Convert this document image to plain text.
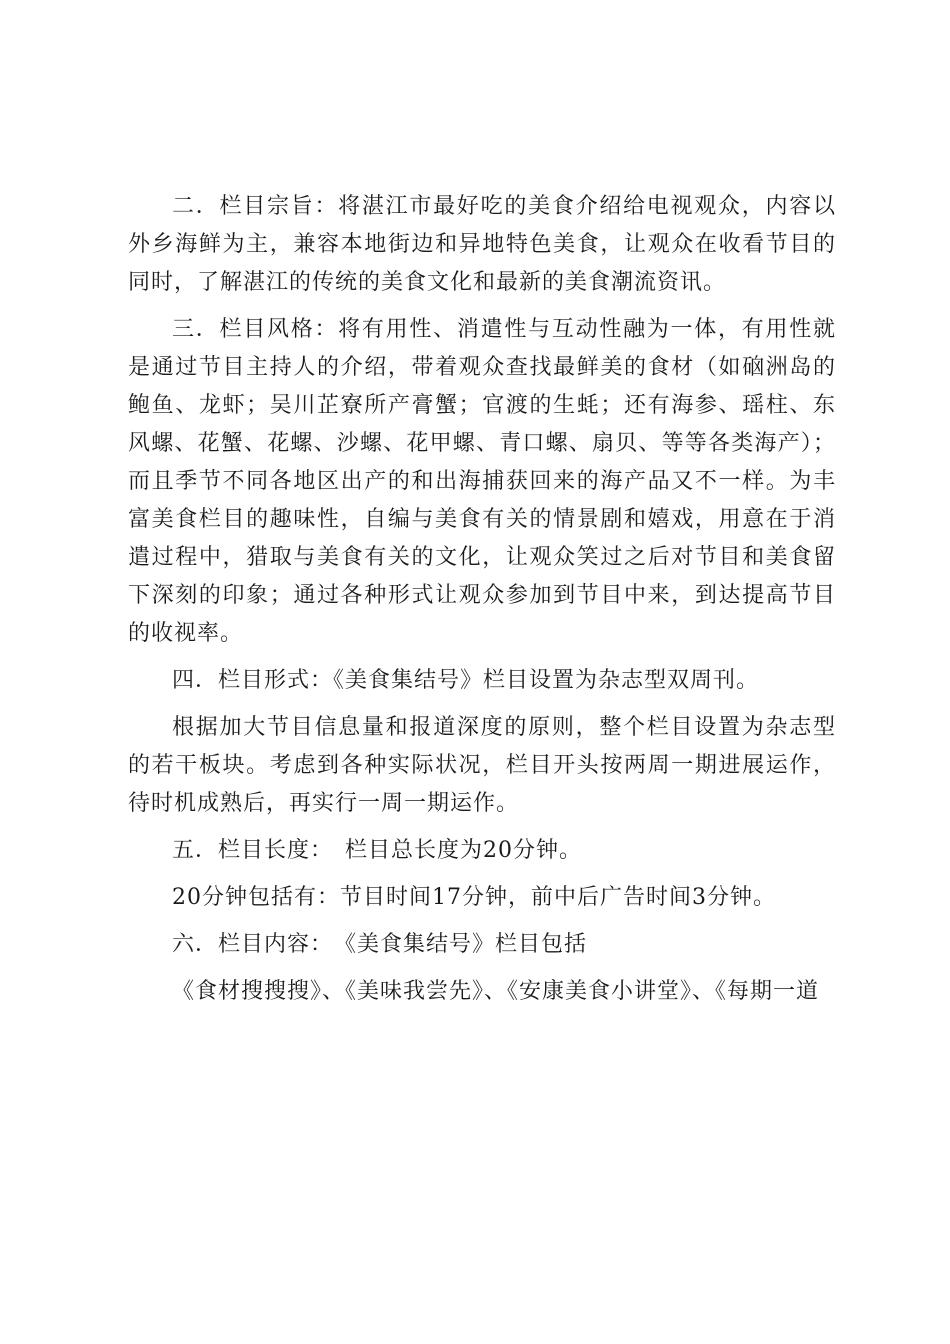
二．栏目宗旨：将湛江市最好吃的美食介绍给电视观众，内容以外乡海鲜为主，兼容本地街边和异地特色美食，让观众在收看节目的同时，了解湛江的传统的美食文化和最新的美食潮流资讯。

三．栏目风格：将有用性、消遣性与互动性融为一体，有用性就是通过节目主持人的介绍，带着观众查找最鲜美的食材（如硇洲岛的鲍鱼、龙虾；吴川芷寮所产膏蟹；官渡的生蚝；还有海参、瑶柱、东风螺、花蟹、花螺、沙螺、花甲螺、青口螺、扇贝、等等各类海产）；而且季节不同各地区出产的和出海捕获回来的海产品又不一样。为丰富美食栏目的趣味性，自编与美食有关的情景剧和嬉戏，用意在于消遣过程中，猎取与美食有关的文化，让观众笑过之后对节目和美食留下深刻的印象；通过各种形式让观众参加到节目中来，到达提高节目的收视率。

四．栏目形式：《美食集结号》栏目设置为杂志型双周刊。

根据加大节目信息量和报道深度的原则，整个栏目设置为杂志型的若干板块。考虑到各种实际状况，栏目开头按两周一期进展运作，待时机成熟后，再实行一周一期运作。

五．栏目长度：　栏目总长度为20分钟。

20分钟包括有：节目时间17分钟，前中后广告时间3分钟。

六．栏目内容：　《美食集结号》栏目包括

《食材搜搜搜》、《美味我尝先》、《安康美食小讲堂》、《每期一道
